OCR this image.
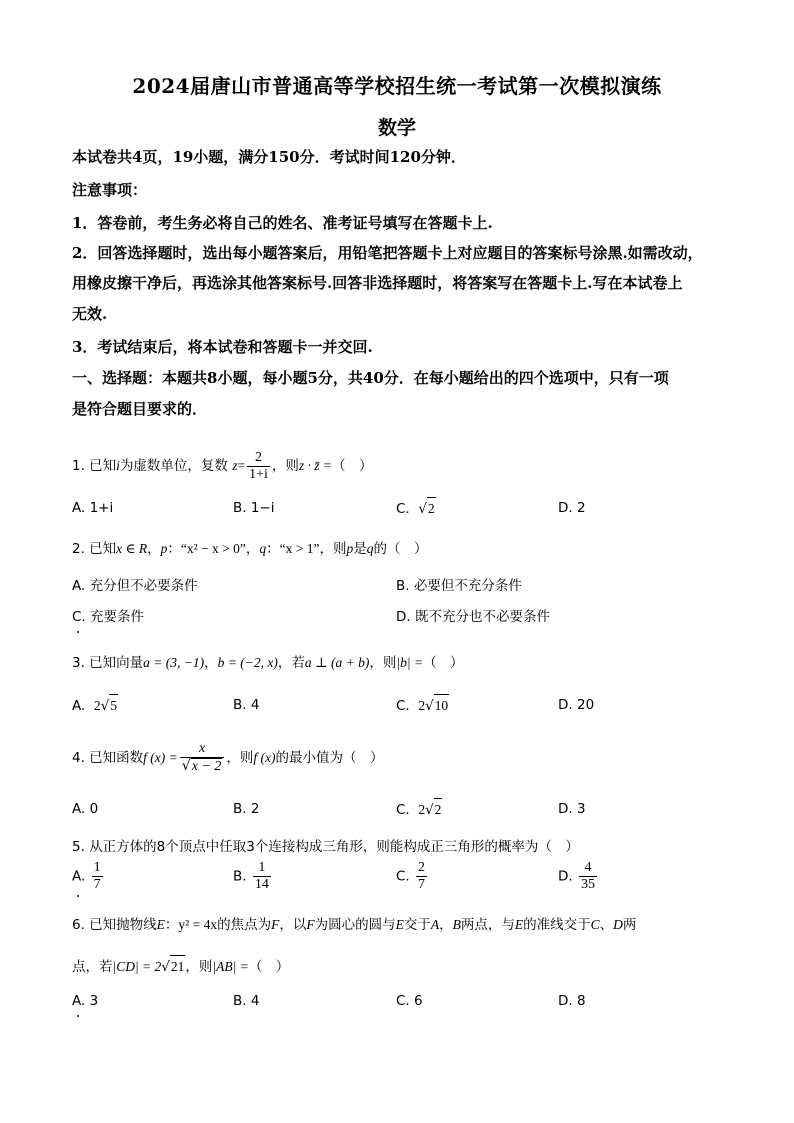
2024届唐山市普通高等学校招生统一考试第一次模拟演练
数学
本试卷共4页，19小题，满分150分．考试时间120分钟．
注意事项：
1．答卷前，考生务必将自己的姓名、准考证号填写在答题卡上.
2．回答选择题时，选出每小题答案后，用铅笔把答题卡上对应题目的答案标号涂黑.如需改动，
用橡皮擦干净后，再选涂其他答案标号.回答非选择题时，将答案写在答题卡上.写在本试卷上
无效.
3．考试结束后，将本试卷和答题卡一并交回.
一、选择题：本题共8小题，每小题5分，共40分．在每小题给出的四个选项中，只有一项
是符合题目要求的．
1. 已知i为虚数单位，复数 $z= \frac{2}{1+i}$ ，则z · z̄ =（　）
A. 1+i	B. 1−i	C. √2	D. 2
2. 已知x ∈ R，p：“x² − x > 0”，q：“x > 1”，则p是q的（　）
A. 充分但不必要条件	B. 必要但不充分条件
C. 充要条件	D. 既不充分也不必要条件
3. 已知向量a = (3, −1)，b = (−2, x)，若a ⊥ (a + b)，则|b| =（　）
A. 2√5	B. 4	C. 2√10	D. 20
4. 已知函数f $(x) = \frac{x}{√x - 2}$ ，则f (x)的最小值为（　）
A. 0	B. 2	C. 2√2	D. 3
5. 从正方体的8个顶点中任取3个连接构成三角形，则能构成正三角形的概率为（　）
A. $\frac{1}{7}$	B. $\frac{1}{14}$	C. $\frac{2}{7}$	D. $\frac{4}{35}$
6. 已知抛物线E：y² = 4x的焦点为F，以F为圆心的圆与E交于A，B两点，与E的准线交于C、D两
点，若|CD| = 2√21，则|AB| =（　）
A. 3	B. 4	C. 6	D. 8
